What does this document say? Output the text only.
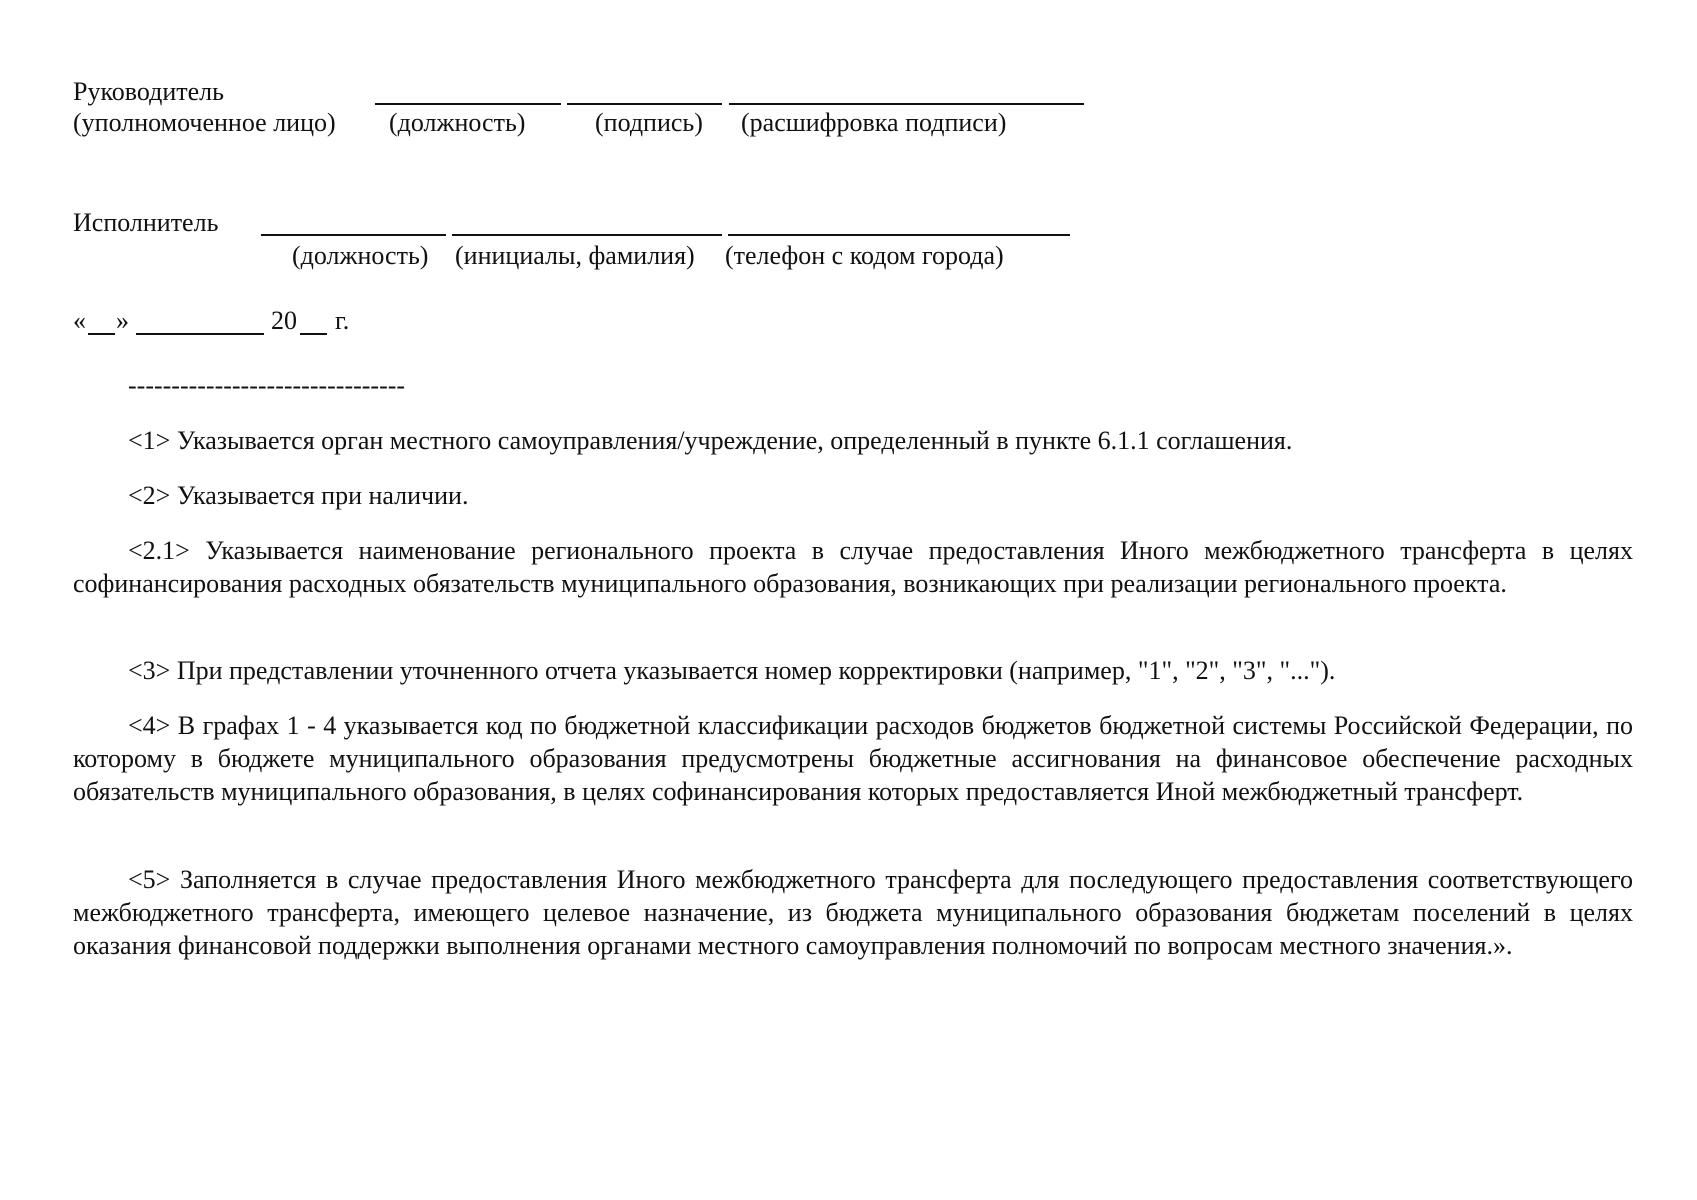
Руководитель
(уполномоченное лицо) (должность)	(подпись) (расшифровка подписи)
Исполнитель
(должность) (инициалы, фамилия) (телефон с кодом города)
« »	20 г.
--------------------------------
<1> Указывается орган местного самоуправления/учреждение, определенный в пункте 6.1.1 соглашения.
<2> Указывается при наличии.
<2.1> Указывается наименование регионального проекта в случае предоставления Иного межбюджетного трансферта в целях софинансирования расходных обязательств муниципального образования, возникающих при реализации регионального проекта.
<3> При представлении уточненного отчета указывается номер корректировки (например, "1", "2", "3", "...").
<4> В графах 1 - 4 указывается код по бюджетной классификации расходов бюджетов бюджетной системы Российской Федерации, по которому в бюджете муниципального образования предусмотрены бюджетные ассигнования на финансовое обеспечение расходных обязательств муниципального образования, в целях софинансирования которых предоставляется Иной межбюджетный трансферт.
<5> Заполняется в случае предоставления Иного межбюджетного трансферта для последующего предоставления соответствующего межбюджетного трансферта, имеющего целевое назначение, из бюджета муниципального образования бюджетам поселений в целях оказания финансовой поддержки выполнения органами местного самоуправления полномочий по вопросам местного значения.».
